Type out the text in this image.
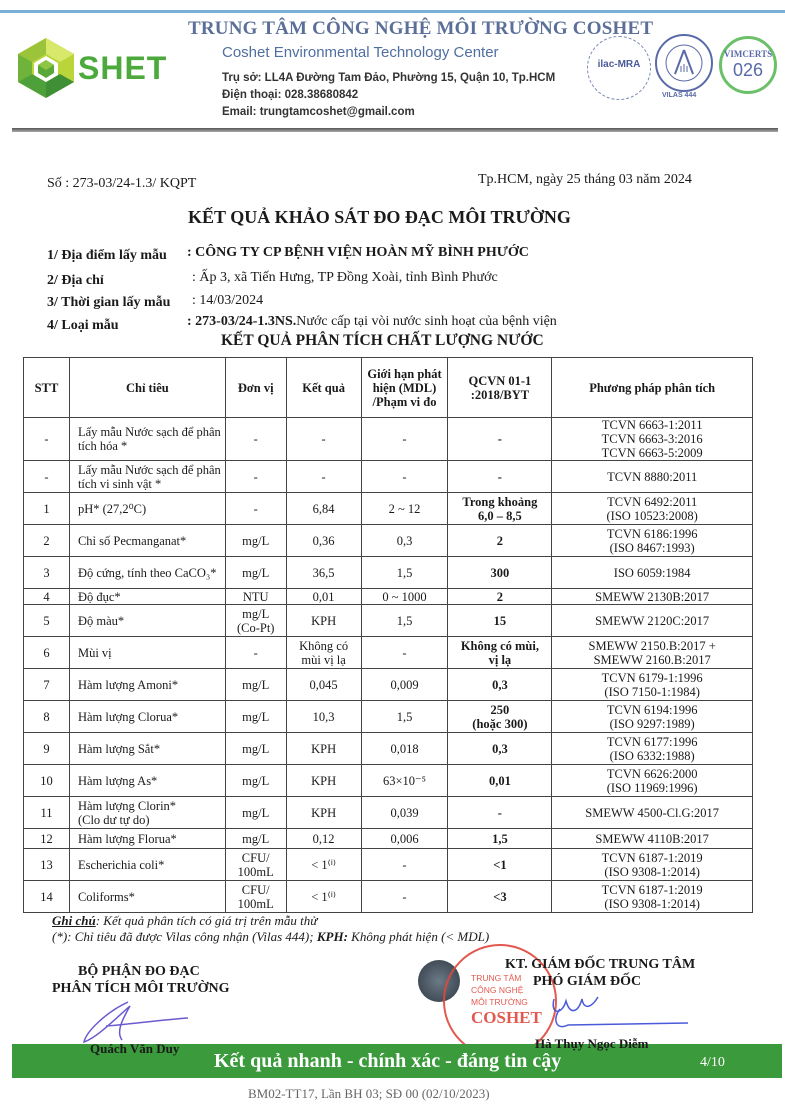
SHET
TRUNG TÂM CÔNG NGHỆ MÔI TRƯỜNG COSHET
Coshet Environmental Technology Center
Trụ sở: LL4A Đường Tam Đảo, Phường 15, Quận 10, Tp.HCM
Điện thoại: 028.38680842
Email: trungtamcoshet@gmail.com
ilac-MRA
VILAS 444
VIMCERTS
026
Số : 273-03/24-1.3/ KQPT	Tp.HCM, ngày 25 tháng 03 năm 2024
KẾT QUẢ KHẢO SÁT ĐO ĐẠC MÔI TRƯỜNG
1/ Địa điểm lấy mẫu : CÔNG TY CP BỆNH VIỆN HOÀN MỸ BÌNH PHƯỚC
2/ Địa chỉ	: Ấp 3, xã Tiến Hưng, TP Đồng Xoài, tỉnh Bình Phước
3/ Thời gian lấy mẫu : 14/03/2024
4/ Loại mẫu	: 273-03/24-1.3NS.Nước cấp tại vòi nước sinh hoạt của bệnh viện
KẾT QUẢ PHÂN TÍCH CHẤT LƯỢNG NƯỚC
STT	Chỉ tiêu	Đơn vị	Kết quả	Giới hạn phát hiện (MDL) /Phạm vi đo	QCVN 01-1 :2018/BYT	Phương pháp phân tích
-	Lấy mẫu Nước sạch để phân tích hóa *	-	-	-	-	TCVN 6663-1:2011
TCVN 6663-3:2016
TCVN 6663-5:2009
-	Lấy mẫu Nước sạch để phân tích vi sinh vật *	-	-	-	-	TCVN 8880:2011
1	pH* (27,2⁰C)	-	6,84	2 ~ 12	Trong khoảng
6,0 – 8,5	TCVN 6492:2011
(ISO 10523:2008)
2	Chỉ số Pecmanganat*	mg/L	0,36	0,3	2	TCVN 6186:1996
(ISO 8467:1993)
3	Độ cứng, tính theo CaCO₃*	mg/L	36,5	1,5	300	ISO 6059:1984
4	Độ đục*	NTU	0,01	0 ~ 1000	2	SMEWW 2130B:2017
5	Độ màu*	mg/L
(Co-Pt)	KPH	1,5	15	SMEWW 2120C:2017
6	Mùi vị	-	Không có
mùi vị lạ	-	Không có mùi,
vị lạ	SMEWW 2150.B:2017 +
SMEWW 2160.B:2017
7	Hàm lượng Amoni*	mg/L	0,045	0,009	0,3	TCVN 6179-1:1996
(ISO 7150-1:1984)
8	Hàm lượng Clorua*	mg/L	10,3	1,5	250
(hoặc 300)	TCVN 6194:1996
(ISO 9297:1989)
9	Hàm lượng Sắt*	mg/L	KPH	0,018	0,3	TCVN 6177:1996
(ISO 6332:1988)
10	Hàm lượng As*	mg/L	KPH	63×10⁻⁵	0,01	TCVN 6626:2000
(ISO 11969:1996)
11	Hàm lượng Clorin*
(Clo dư tự do)	mg/L	KPH	0,039	-	SMEWW 4500-Cl.G:2017
12	Hàm lượng Florua*	mg/L	0,12	0,006	1,5	SMEWW 4110B:2017
13	Escherichia coli*	CFU/
100mL	< 1⁽ⁱ⁾	-	<1	TCVN 6187-1:2019
(ISO 9308-1:2014)
14	Coliforms*	CFU/
100mL	< 1⁽ⁱ⁾	-	<3	TCVN 6187-1:2019
(ISO 9308-1:2014)
Ghi chú: Kết quả phân tích có giá trị trên mẫu thử
(*): Chỉ tiêu đã được Vilas công nhận (Vilas 444); KPH: Không phát hiện (< MDL)
BỘ PHẬN ĐO ĐẠC
PHÂN TÍCH MÔI TRƯỜNG
TRUNG TÂM
CÔNG NGHỆ
MÔI TRƯỜNG
COSHET
KT. GIÁM ĐỐC TRUNG TÂM
PHÓ GIÁM ĐỐC
Quách Văn Duy	Hà Thụy Ngọc Diễm
Kết quả nhanh - chính xác - đáng tin cậy	4/10
BM02-TT17, Lần BH 03; SĐ 00 (02/10/2023)
